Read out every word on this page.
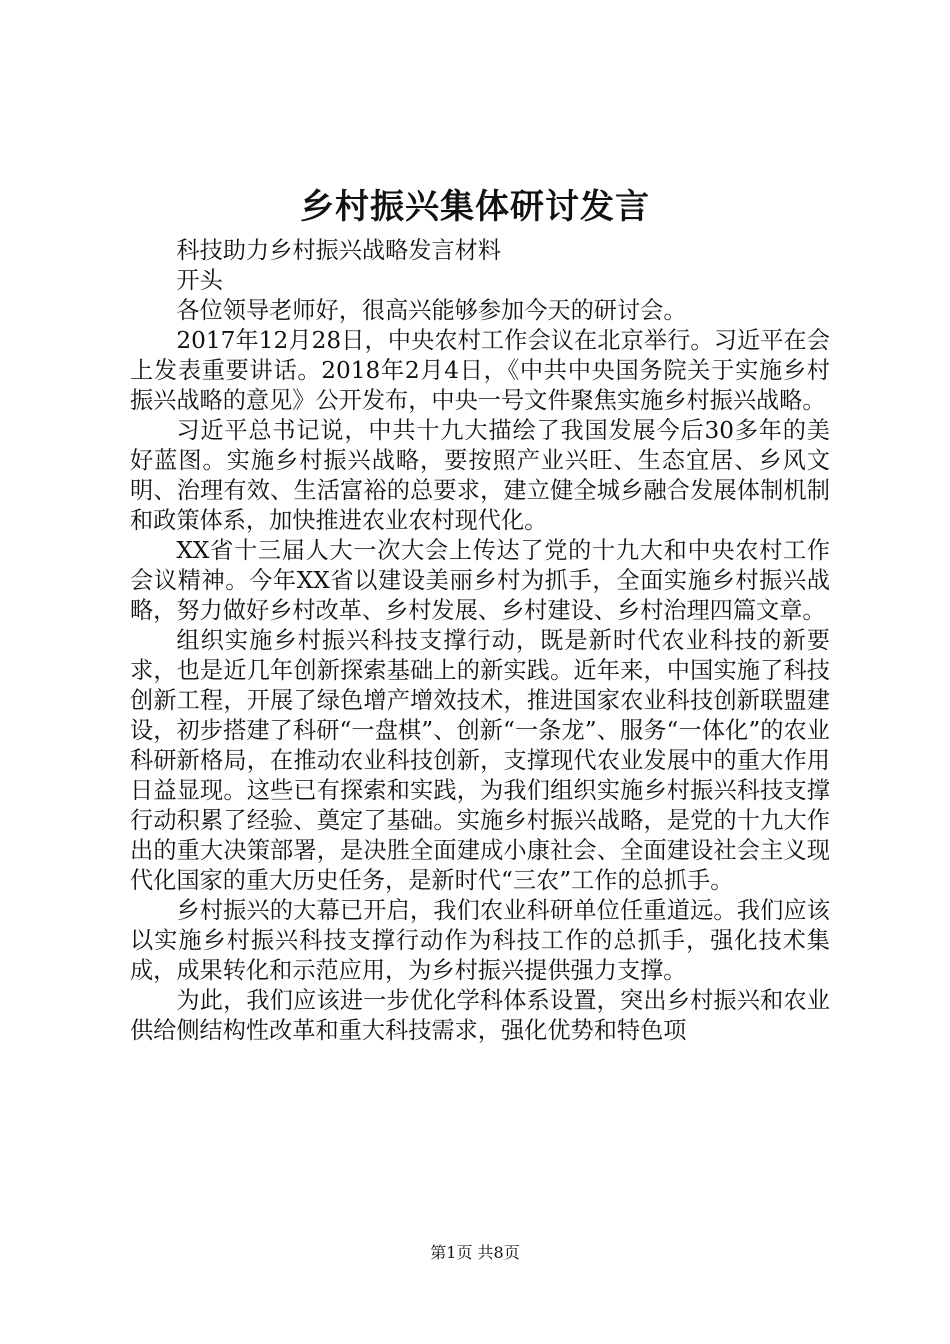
乡村振兴集体研讨发言

科技助力乡村振兴战略发言材料

开头

各位领导老师好，很高兴能够参加今天的研讨会。

2017年12月28日，中央农村工作会议在北京举行。习近平在会上发表重要讲话。2018年2月4日，《中共中央国务院关于实施乡村振兴战略的意见》公开发布，中央一号文件聚焦实施乡村振兴战略。

习近平总书记说，中共十九大描绘了我国发展今后30多年的美好蓝图。实施乡村振兴战略，要按照产业兴旺、生态宜居、乡风文明、治理有效、生活富裕的总要求，建立健全城乡融合发展体制机制和政策体系，加快推进农业农村现代化。

XX省十三届人大一次大会上传达了党的十九大和中央农村工作会议精神。今年XX省以建设美丽乡村为抓手，全面实施乡村振兴战略，努力做好乡村改革、乡村发展、乡村建设、乡村治理四篇文章。

组织实施乡村振兴科技支撑行动，既是新时代农业科技的新要求，也是近几年创新探索基础上的新实践。近年来，中国实施了科技创新工程，开展了绿色增产增效技术，推进国家农业科技创新联盟建设，初步搭建了科研“一盘棋”、创新“一条龙”、服务“一体化”的农业科研新格局，在推动农业科技创新，支撑现代农业发展中的重大作用日益显现。这些已有探索和实践，为我们组织实施乡村振兴科技支撑行动积累了经验、奠定了基础。实施乡村振兴战略，是党的十九大作出的重大决策部署，是决胜全面建成小康社会、全面建设社会主义现代化国家的重大历史任务，是新时代“三农”工作的总抓手。

乡村振兴的大幕已开启，我们农业科研单位任重道远。我们应该以实施乡村振兴科技支撑行动作为科技工作的总抓手，强化技术集成，成果转化和示范应用，为乡村振兴提供强力支撑。

为此，我们应该进一步优化学科体系设置，突出乡村振兴和农业供给侧结构性改革和重大科技需求，强化优势和特色项

第1页 共8页
